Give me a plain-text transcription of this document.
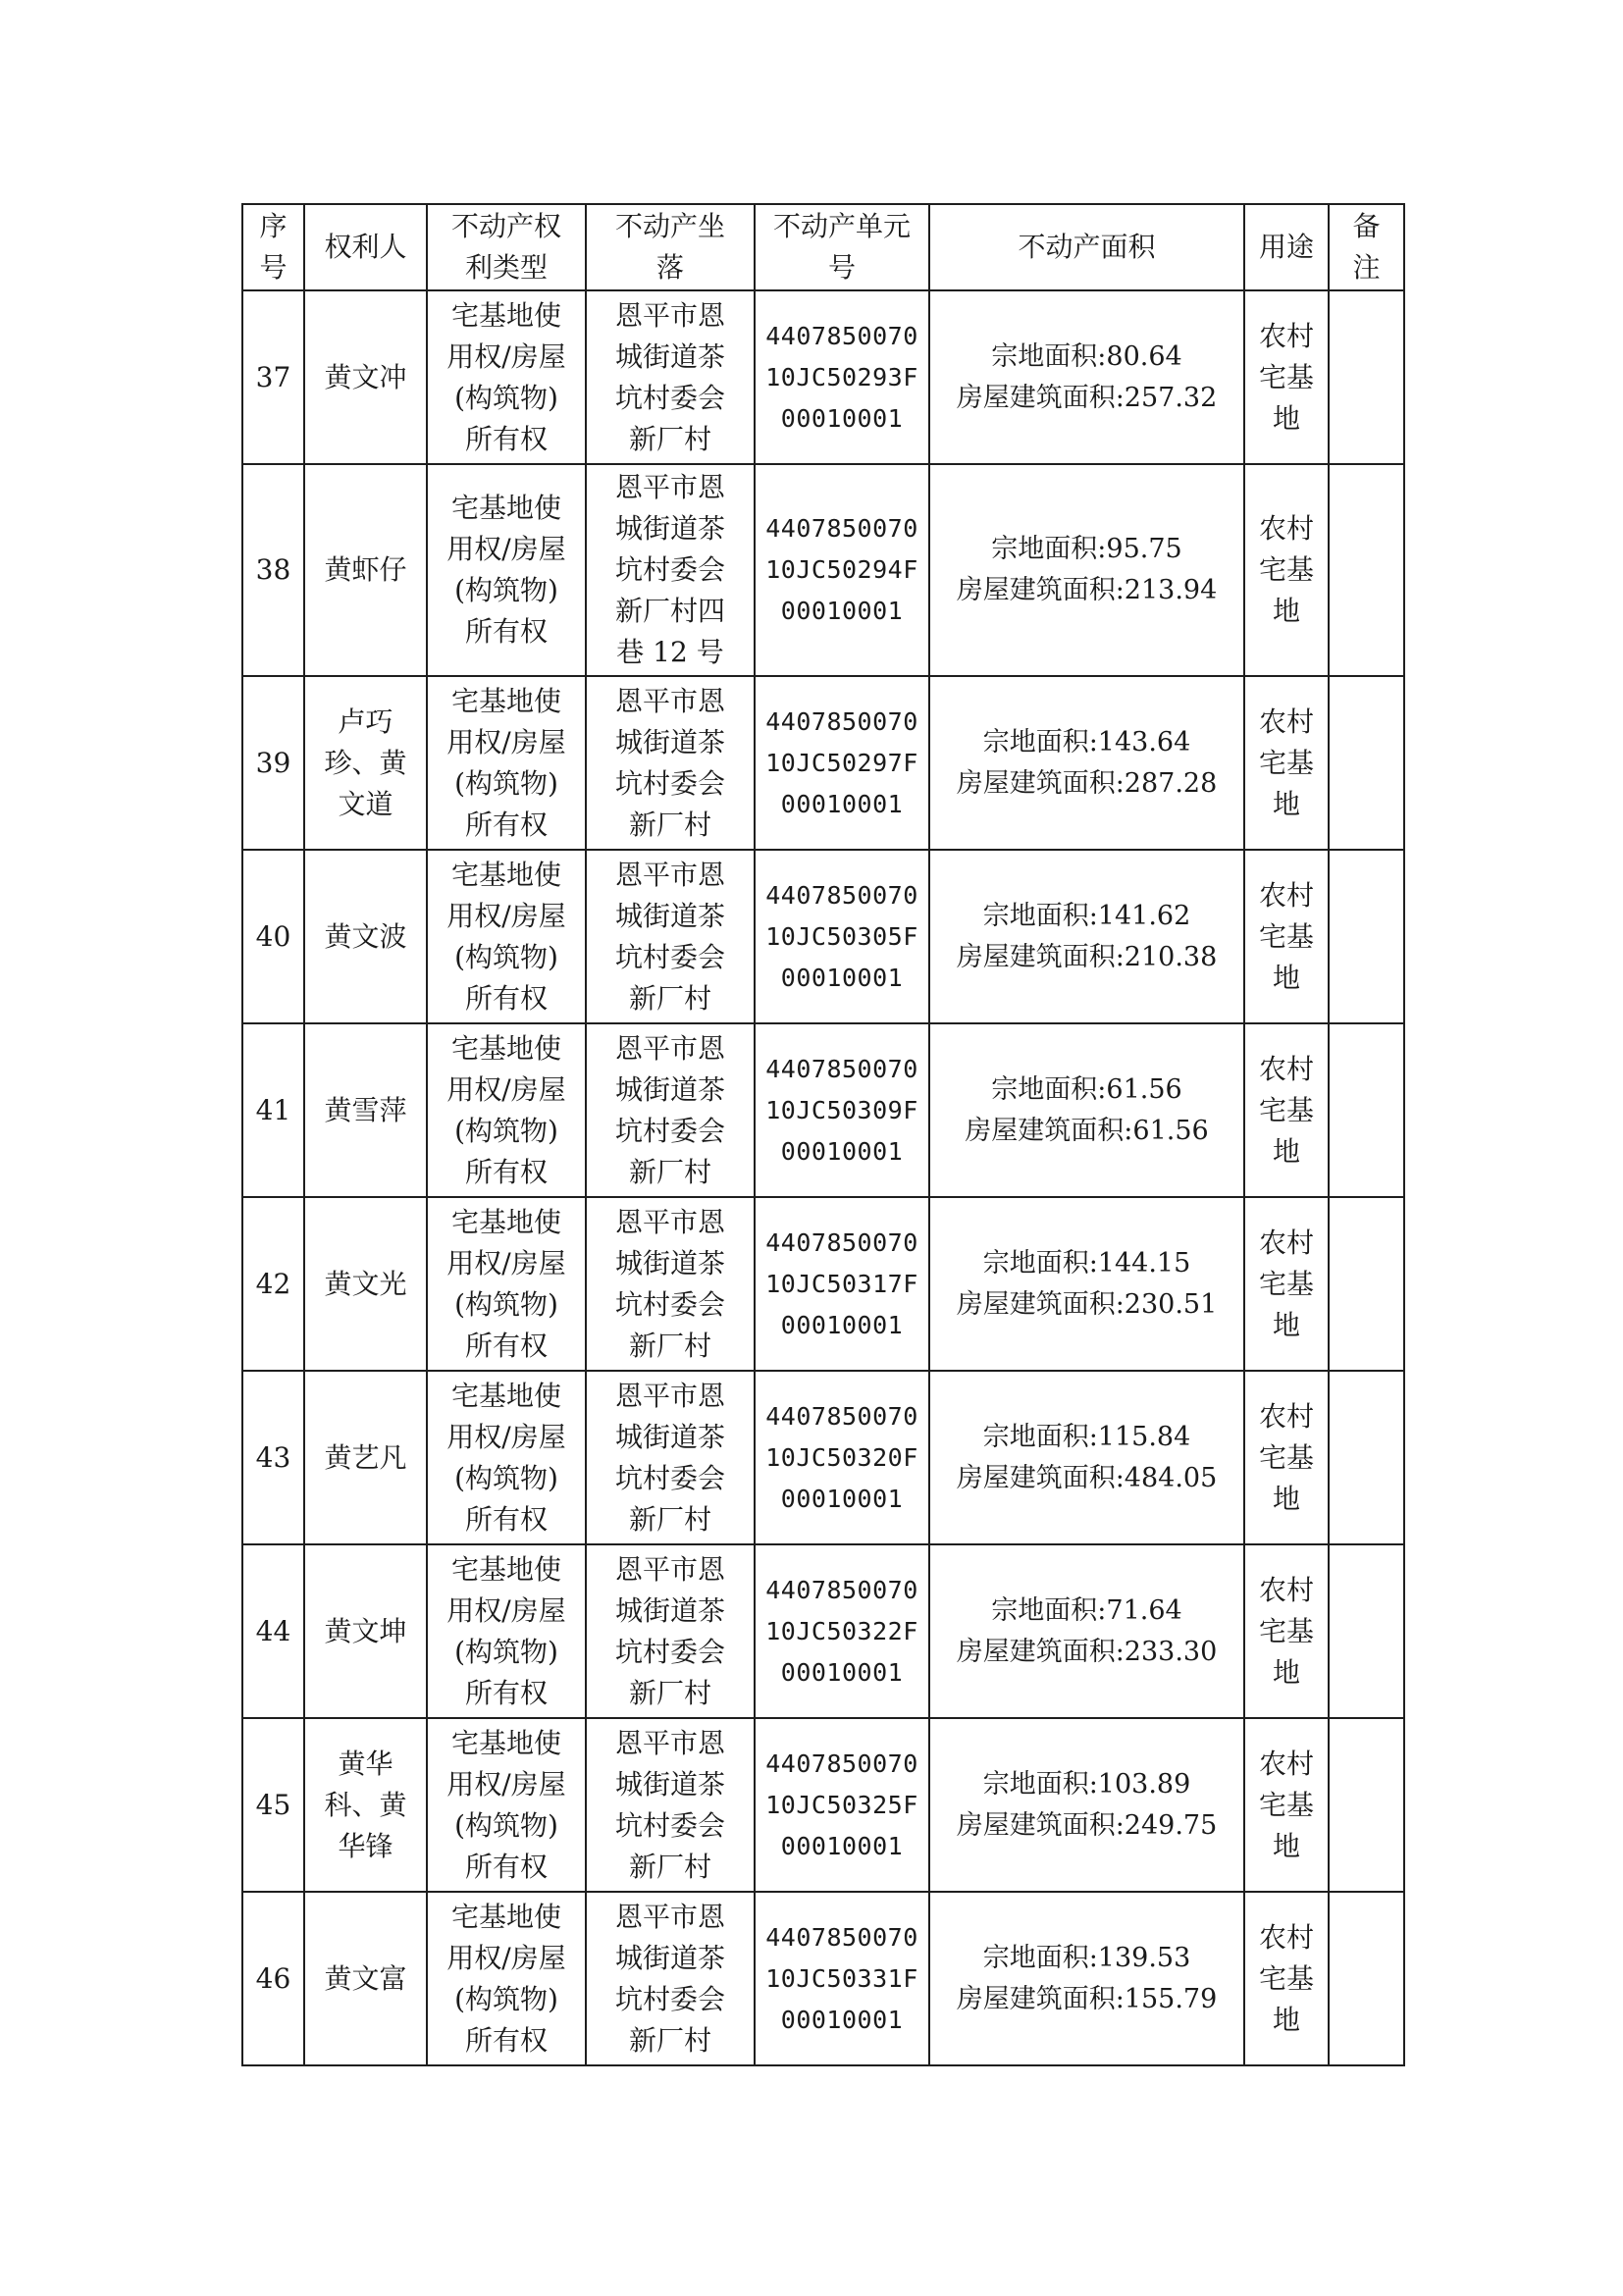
序
号	权利人	不动产权
利类型	不动产坐
落	不动产单元
号	不动产面积	用途	备
注
37	黄文冲	宅基地使
用权/房屋
(构筑物)
所有权	恩平市恩
城街道茶
坑村委会
新厂村	4407850070
10JC50293F
00010001	宗地面积:80.64
房屋建筑面积:257.32	农村
宅基
地	
38	黄虾仔	宅基地使
用权/房屋
(构筑物)
所有权	恩平市恩
城街道茶
坑村委会
新厂村四
巷 12 号	4407850070
10JC50294F
00010001	宗地面积:95.75
房屋建筑面积:213.94	农村
宅基
地	
39	卢巧
珍、黄
文道	宅基地使
用权/房屋
(构筑物)
所有权	恩平市恩
城街道茶
坑村委会
新厂村	4407850070
10JC50297F
00010001	宗地面积:143.64
房屋建筑面积:287.28	农村
宅基
地	
40	黄文波	宅基地使
用权/房屋
(构筑物)
所有权	恩平市恩
城街道茶
坑村委会
新厂村	4407850070
10JC50305F
00010001	宗地面积:141.62
房屋建筑面积:210.38	农村
宅基
地	
41	黄雪萍	宅基地使
用权/房屋
(构筑物)
所有权	恩平市恩
城街道茶
坑村委会
新厂村	4407850070
10JC50309F
00010001	宗地面积:61.56
房屋建筑面积:61.56	农村
宅基
地	
42	黄文光	宅基地使
用权/房屋
(构筑物)
所有权	恩平市恩
城街道茶
坑村委会
新厂村	4407850070
10JC50317F
00010001	宗地面积:144.15
房屋建筑面积:230.51	农村
宅基
地	
43	黄艺凡	宅基地使
用权/房屋
(构筑物)
所有权	恩平市恩
城街道茶
坑村委会
新厂村	4407850070
10JC50320F
00010001	宗地面积:115.84
房屋建筑面积:484.05	农村
宅基
地	
44	黄文坤	宅基地使
用权/房屋
(构筑物)
所有权	恩平市恩
城街道茶
坑村委会
新厂村	4407850070
10JC50322F
00010001	宗地面积:71.64
房屋建筑面积:233.30	农村
宅基
地	
45	黄华
科、黄
华锋	宅基地使
用权/房屋
(构筑物)
所有权	恩平市恩
城街道茶
坑村委会
新厂村	4407850070
10JC50325F
00010001	宗地面积:103.89
房屋建筑面积:249.75	农村
宅基
地	
46	黄文富	宅基地使
用权/房屋
(构筑物)
所有权	恩平市恩
城街道茶
坑村委会
新厂村	4407850070
10JC50331F
00010001	宗地面积:139.53
房屋建筑面积:155.79	农村
宅基
地	
